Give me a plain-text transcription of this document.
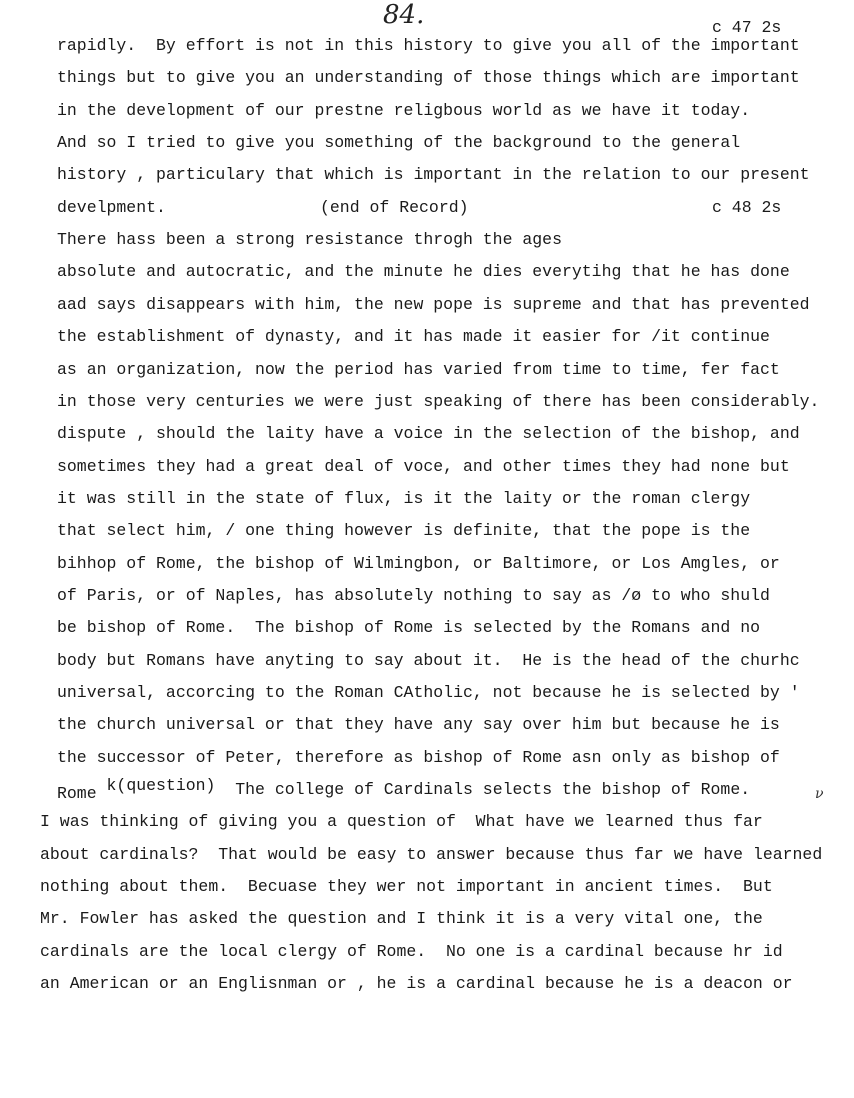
84.	c 47 2s
rapidly.  By effort is not in this history to give you all of the important
things but to give you an understanding of those things which are important
in the development of our prestne religbous world as we have it today.
And so I tried to give you something of the background to the general
history , particulary that which is important in the relation to our present
develpment.	(end of Record)	c 48 2s
There hass been a strong resistance throgh the ages
absolute and autocratic, and the minute he dies everytihg that he has done
aad says disappears with him, the new pope is supreme and that has prevented
the establishment of dynasty, and it has made it easier for /it continue
as an organization, now the period has varied from time to time, fer fact
in those very centuries we were just speaking of there has been considerably.
dispute , should the laity have a voice in the selection of the bishop, and
sometimes they had a great deal of voce, and other times they had none but
it was still in the state of flux, is it the laity or the roman clergy
that select him, / one thing however is definite, that the pope is the
bihhop of Rome, the bishop of Wilmingbon, or Baltimore, or Los Amgles, or
of Paris, or of Naples, has absolutely nothing to say as /ø to who shuld
be bishop of Rome.  The bishop of Rome is selected by the Romans and no
body but Romans have anyting to say about it.  He is the head of the churhc
universal, accorcing to the Roman CAtholic, not because he is selected by '
the church universal or that they have any say over him but because he is
the successor of Peter, therefore as bishop of Rome asn only as bishop of
Rome k(question) The college of Cardinals selects the bishop of Rome.
I was thinking of giving you a question of  What have we learned thus far
about cardinals?  That would be easy to answer because thus far we have learned
nothing about them.  Becuase they wer not important in ancient times.  But
Mr. Fowler has asked the question and I think it is a very vital one, the
cardinals are the local clergy of Rome.  No one is a cardinal because hr id
an American or an Englisnman or , he is a cardinal because he is a deacon or
ν
